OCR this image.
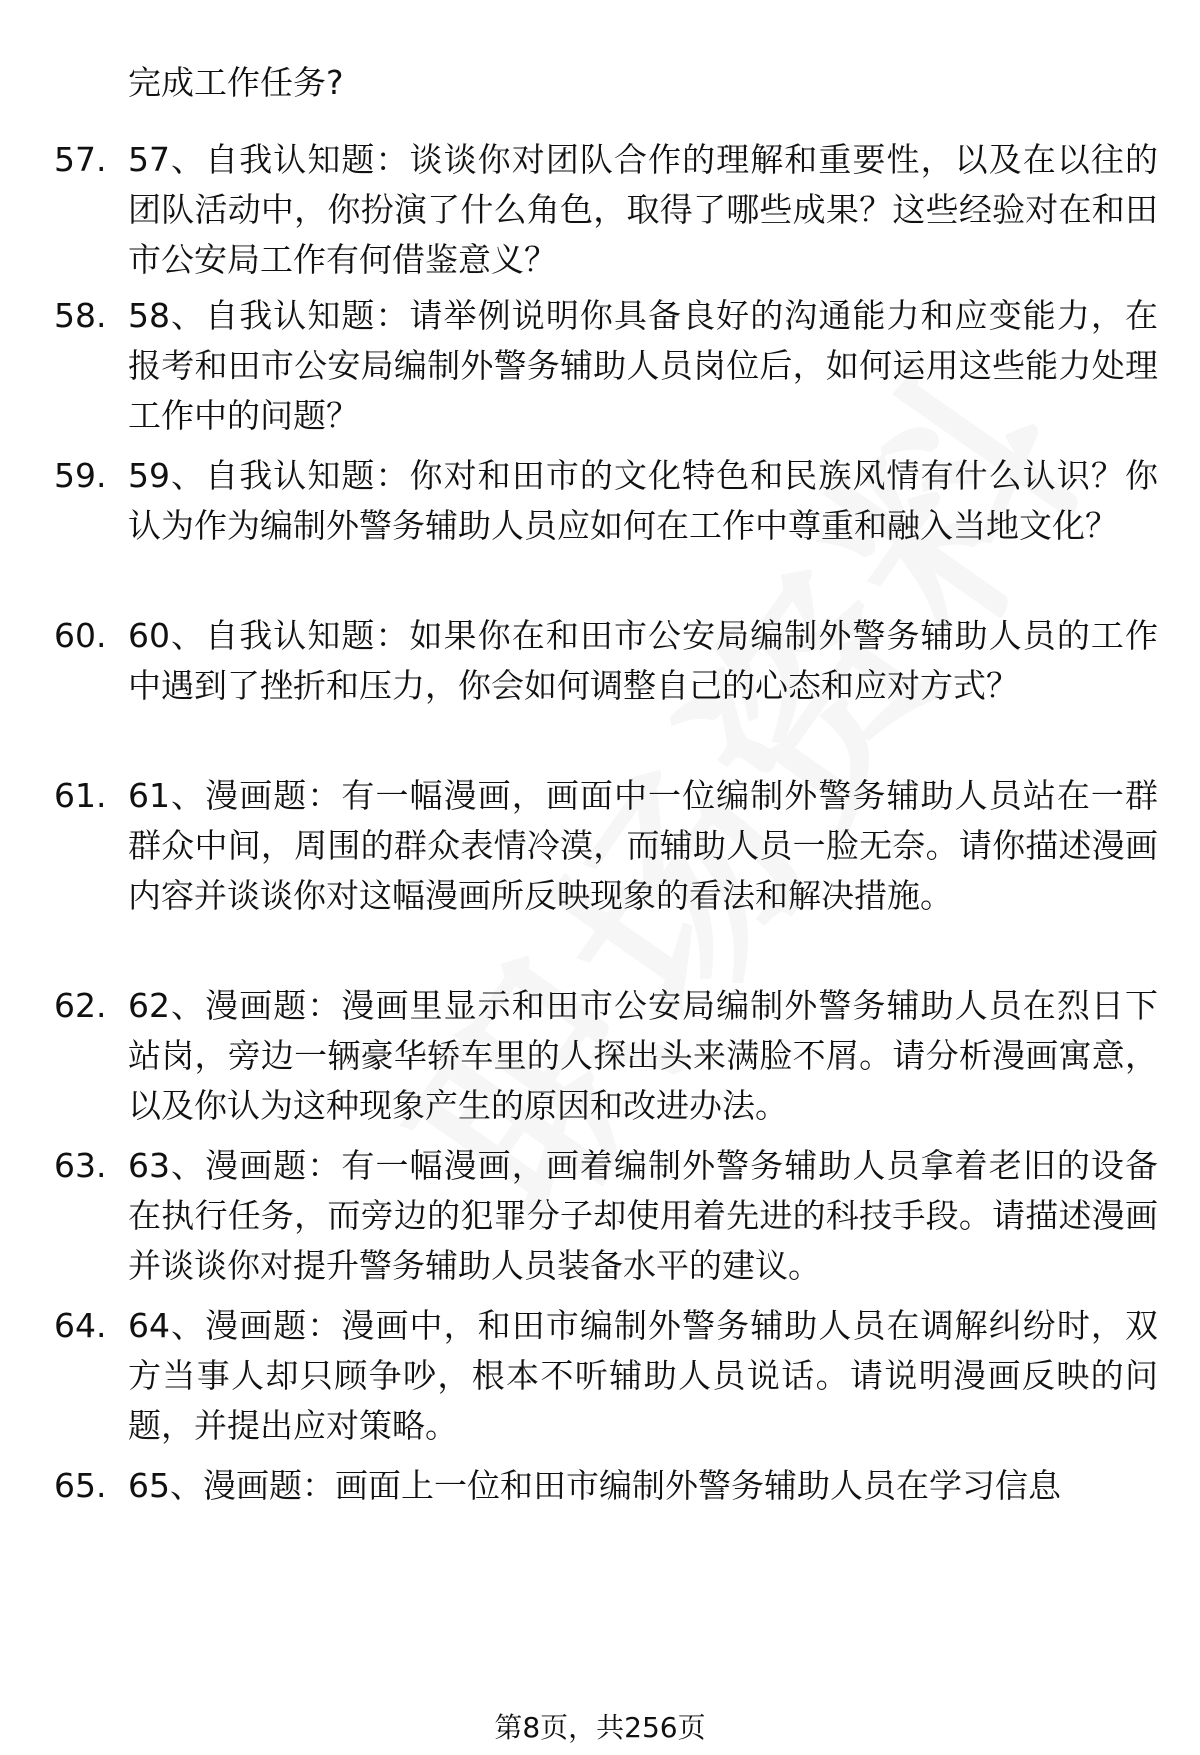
完成工作任务?

57. 57、自我认知题：谈谈你对团队合作的理解和重要性，以及在以往的团队活动中，你扮演了什么角色，取得了哪些成果？这些经验对在和田市公安局工作有何借鉴意义？

58. 58、自我认知题：请举例说明你具备良好的沟通能力和应变能力，在报考和田市公安局编制外警务辅助人员岗位后，如何运用这些能力处理工作中的问题？

59. 59、自我认知题：你对和田市的文化特色和民族风情有什么认识？你认为作为编制外警务辅助人员应如何在工作中尊重和融入当地文化？

60. 60、自我认知题：如果你在和田市公安局编制外警务辅助人员的工作中遇到了挫折和压力，你会如何调整自己的心态和应对方式？

61. 61、漫画题：有一幅漫画，画面中一位编制外警务辅助人员站在一群群众中间，周围的群众表情冷漠，而辅助人员一脸无奈。请你描述漫画内容并谈谈你对这幅漫画所反映现象的看法和解决措施。

62. 62、漫画题：漫画里显示和田市公安局编制外警务辅助人员在烈日下站岗，旁边一辆豪华轿车里的人探出头来满脸不屑。请分析漫画寓意，以及你认为这种现象产生的原因和改进办法。

63. 63、漫画题：有一幅漫画，画着编制外警务辅助人员拿着老旧的设备在执行任务，而旁边的犯罪分子却使用着先进的科技手段。请描述漫画并谈谈你对提升警务辅助人员装备水平的建议。

64. 64、漫画题：漫画中，和田市编制外警务辅助人员在调解纠纷时，双方当事人却只顾争吵，根本不听辅助人员说话。请说明漫画反映的问题，并提出应对策略。

65. 65、漫画题：画面上一位和田市编制外警务辅助人员在学习信息

第8页，共256页
